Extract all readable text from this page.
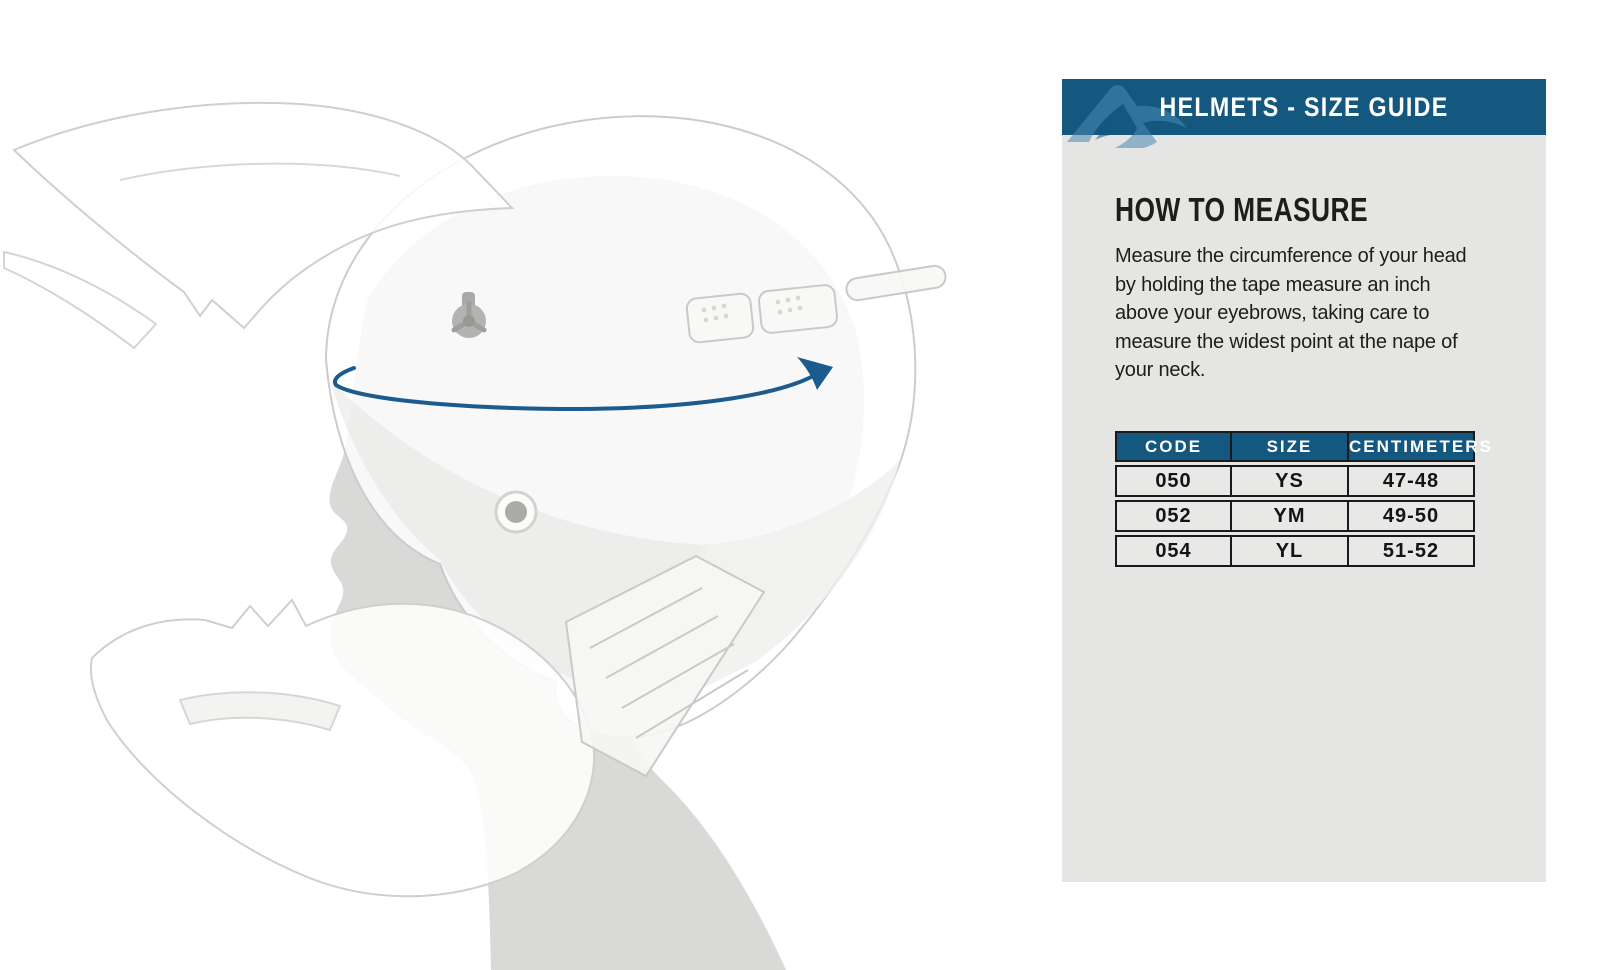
HELMETS - SIZE GUIDE
HOW TO MEASURE

Measure the circumference of your head by holding the tape measure an inch above your eyebrows, taking care to measure the widest point at the nape of your neck.

CODE	SIZE	CENTIMETERS
050	YS	47-48
052	YM	49-50
054	YL	51-52
